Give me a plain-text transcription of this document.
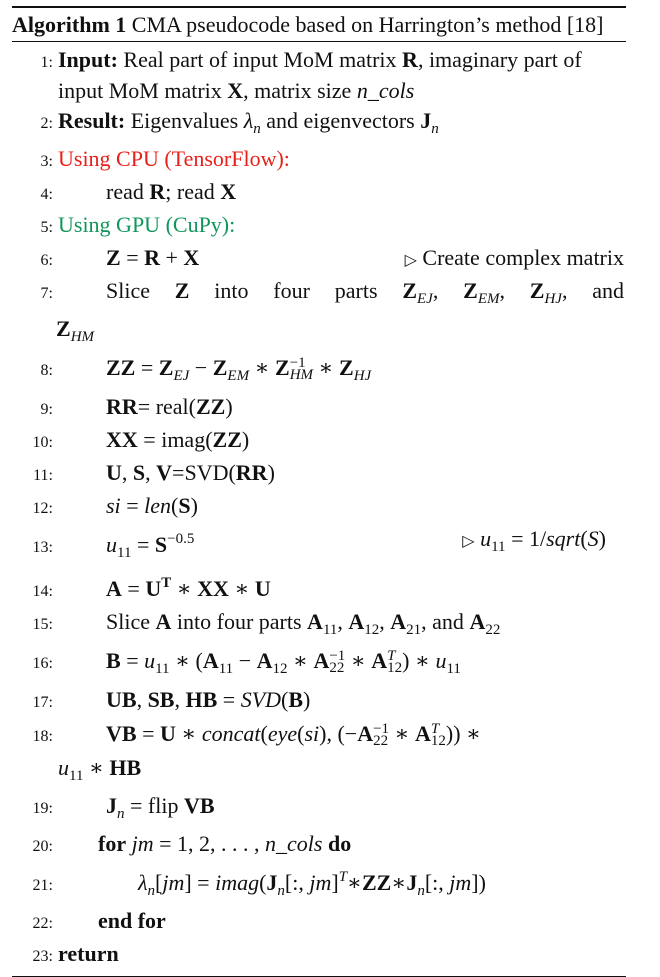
Algorithm 1 CMA pseudocode based on Harrington’s method [18]
1: Input: Real part of input MoM matrix R, imaginary part of input MoM matrix X, matrix size n_cols
2: Result: Eigenvalues $\lambda_n$ and eigenvectors $J_n$
3: Using CPU (TensorFlow):
4:	read R; read X
5: Using GPU (CuPy):
6:	Z = R + X	▷ Create complex matrix
7:	Slice Z into four parts $Z_{EJ}$, $Z_{EM}$, $Z_{HJ}$, and
$Z_{HM}$
8:	ZZ = $Z_{EJ} - Z_{EM}$ ∗ Z −1
HM ∗ $Z_{HJ}$
9:	RR= real(ZZ)
10:	XX = imag(ZZ)
11:	U, S, V=SVD(RR)
12:	si = len(S)
13:	$u_{11} = S^{-0.5}$	▷ $u_{11}$ = 1/sqrt(S)
14:	$A = U^T$ ∗ XX ∗ U
15:	Slice A into four parts $A_{11}$, $A_{12}$, $A_{21}$, and $A_{22}$
16:	$B = u_{11}$ ∗ ($A_{11} - A_{12}$ ∗ A −1
22 ∗ A T
12 ) ∗ $u_{11}$
17:	UB, SB, HB = SVD(B)
18:	VB = U ∗ concat(eye(si), (−A −1
22 ∗ A T
12 )) ∗
$u_{11}$ ∗ HB
19:	$J_n$ = flip VB
20:	for jm = 1, 2, . . . , n_cols do
21:	$\lambda_n[jm]$ = $imag(J_n$[:, $jm]^T∗ZZ∗J_n$[:, jm])
22:	end for
23: return
